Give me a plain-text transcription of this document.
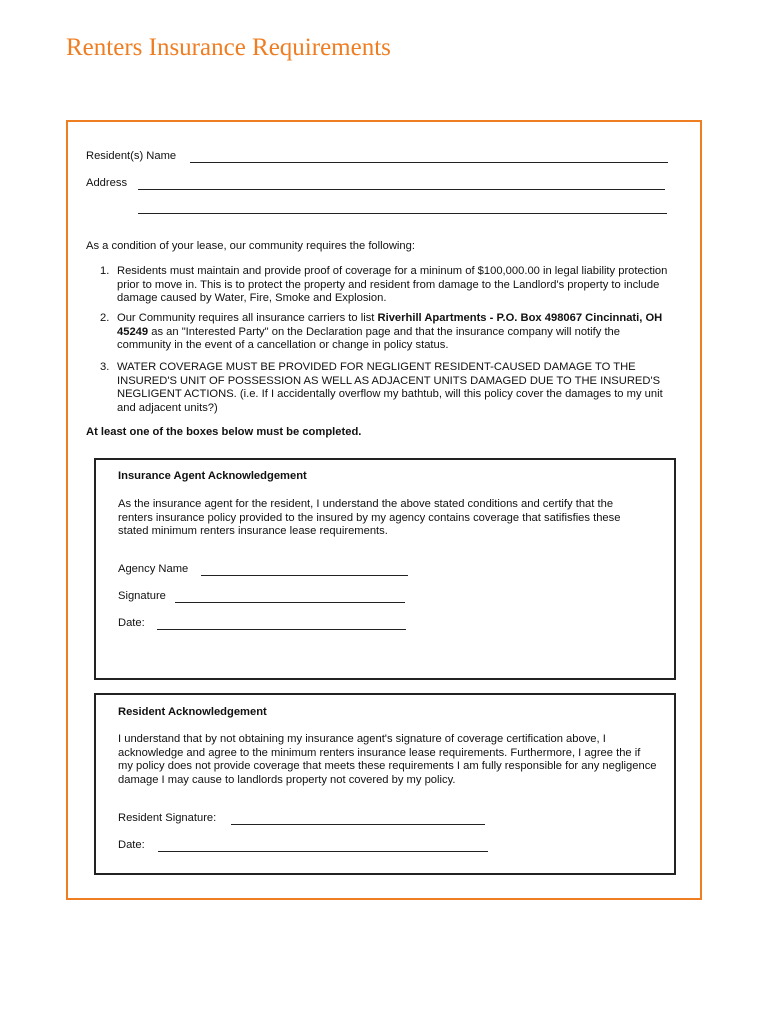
Renters Insurance Requirements
Resident(s) Name
Address
As a condition of your lease, our community requires the following:
1. Residents must maintain and provide proof of coverage for a mininum of $100,000.00 in legal liability protection prior to move in. This is to protect the property and resident from damage to the Landlord's property to include damage caused by Water, Fire, Smoke and Explosion.
2. Our Community requires all insurance carriers to list Riverhill Apartments - P.O. Box 498067 Cincinnati, OH 45249 as an "Interested Party" on the Declaration page and that the insurance company will notify the community in the event of a cancellation or change in policy status.
3. WATER COVERAGE MUST BE PROVIDED FOR NEGLIGENT RESIDENT-CAUSED DAMAGE TO THE INSURED'S UNIT OF POSSESSION AS WELL AS ADJACENT UNITS DAMAGED DUE TO THE INSURED'S NEGLIGENT ACTIONS. (i.e. If I accidentally overflow my bathtub, will this policy cover the damages to my unit and adjacent units?)
At least one of the boxes below must be completed.
Insurance Agent Acknowledgement
As the insurance agent for the resident, I understand the above stated conditions and certify that the renters insurance policy provided to the insured by my agency contains coverage that satifisfies these stated minimum renters insurance lease requirements.
Agency Name
Signature
Date:
Resident Acknowledgement
I understand that by not obtaining my insurance agent's signature of coverage certification above, I acknowledge and agree to the minimum renters insurance lease requirements. Furthermore, I agree the if my policy does not provide coverage that meets these requirements I am fully responsible for any negligence damage I may cause to landlords property not covered by my policy.
Resident Signature:
Date:
